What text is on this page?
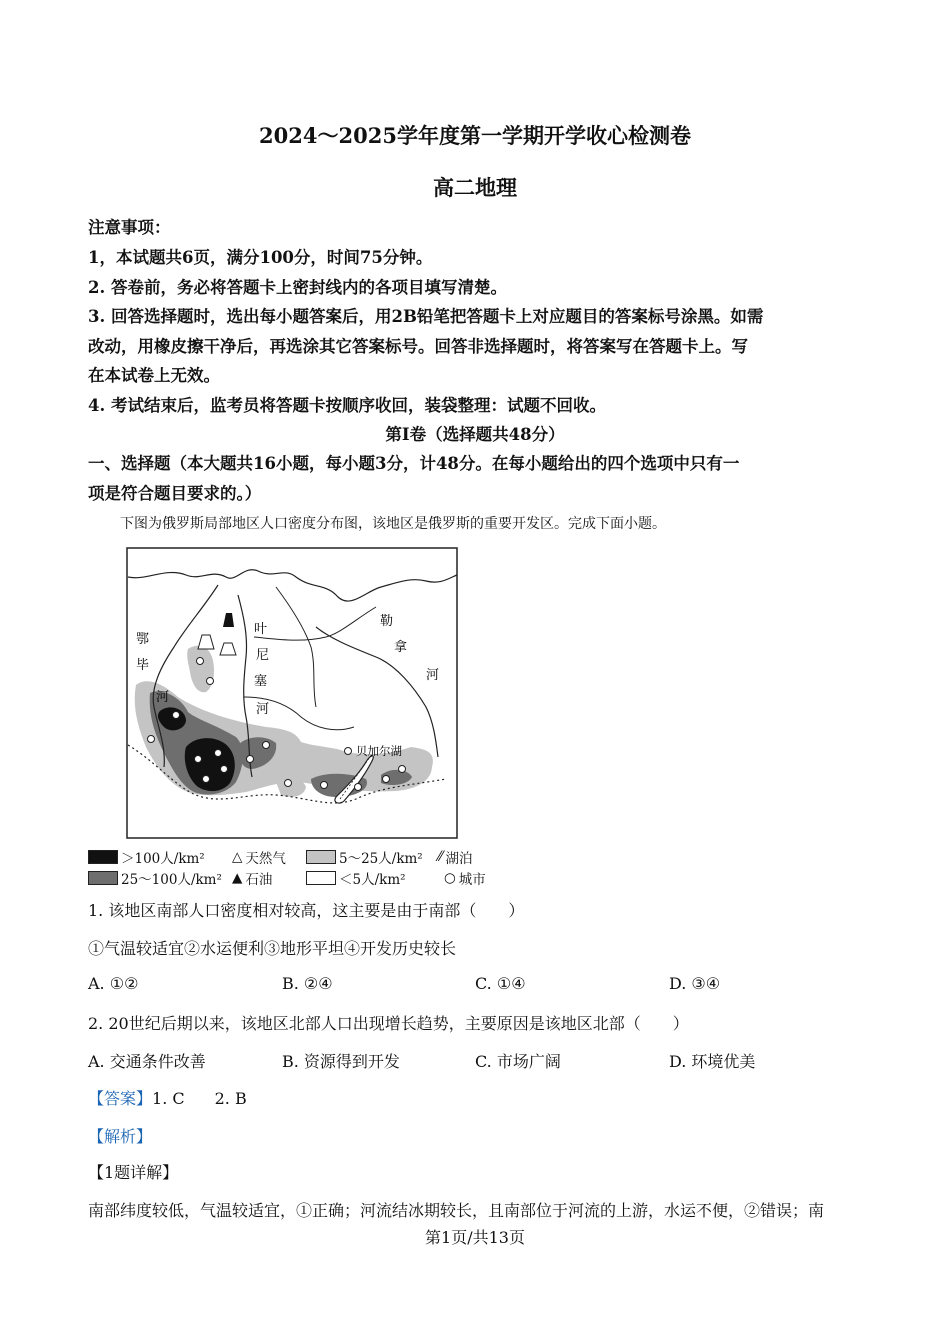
2024～2025学年度第一学期开学收心检测卷
高二地理
注意事项：
1，本试题共6页，满分100分，时间75分钟。
2. 答卷前，务必将答题卡上密封线内的各项目填写清楚。
3. 回答选择题时，选出每小题答案后，用2B铅笔把答题卡上对应题目的答案标号涂黑。如需
改动，用橡皮擦干净后，再选涂其它答案标号。回答非选择题时，将答案写在答题卡上。写
在本试卷上无效。
4. 考试结束后，监考员将答题卡按顺序收回，装袋整理：试题不回收。
第I卷（选择题共48分）
一、选择题（本大题共16小题，每小题3分，计48分。在每小题给出的四个选项中只有一
项是符合题目要求的。）
下图为俄罗斯局部地区人口密度分布图，该地区是俄罗斯的重要开发区。完成下面小题。
鄂
毕
河
叶
尼
塞
河
勒
拿
河
贝加尔湖
＞100人/km² △ 天然气	5～25人/km² ⁄⁄ 湖泊
25～100人/km² ▲ 石油	＜5人/km²	○ 城市
1. 该地区南部人口密度相对较高，这主要是由于南部（　　）
①气温较适宜②水运便利③地形平坦④开发历史较长
A. ①②	B. ②④	C. ①④	D. ③④
2. 20世纪后期以来，该地区北部人口出现增长趋势，主要原因是该地区北部（　　）
A. 交通条件改善	B. 资源得到开发	C. 市场广阔	D. 环境优美
【答案】1. C 2. B
【解析】
【1题详解】
南部纬度较低，气温较适宜，①正确；河流结冰期较长，且南部位于河流的上游，水运不便，②错误；南
第1页/共13页
